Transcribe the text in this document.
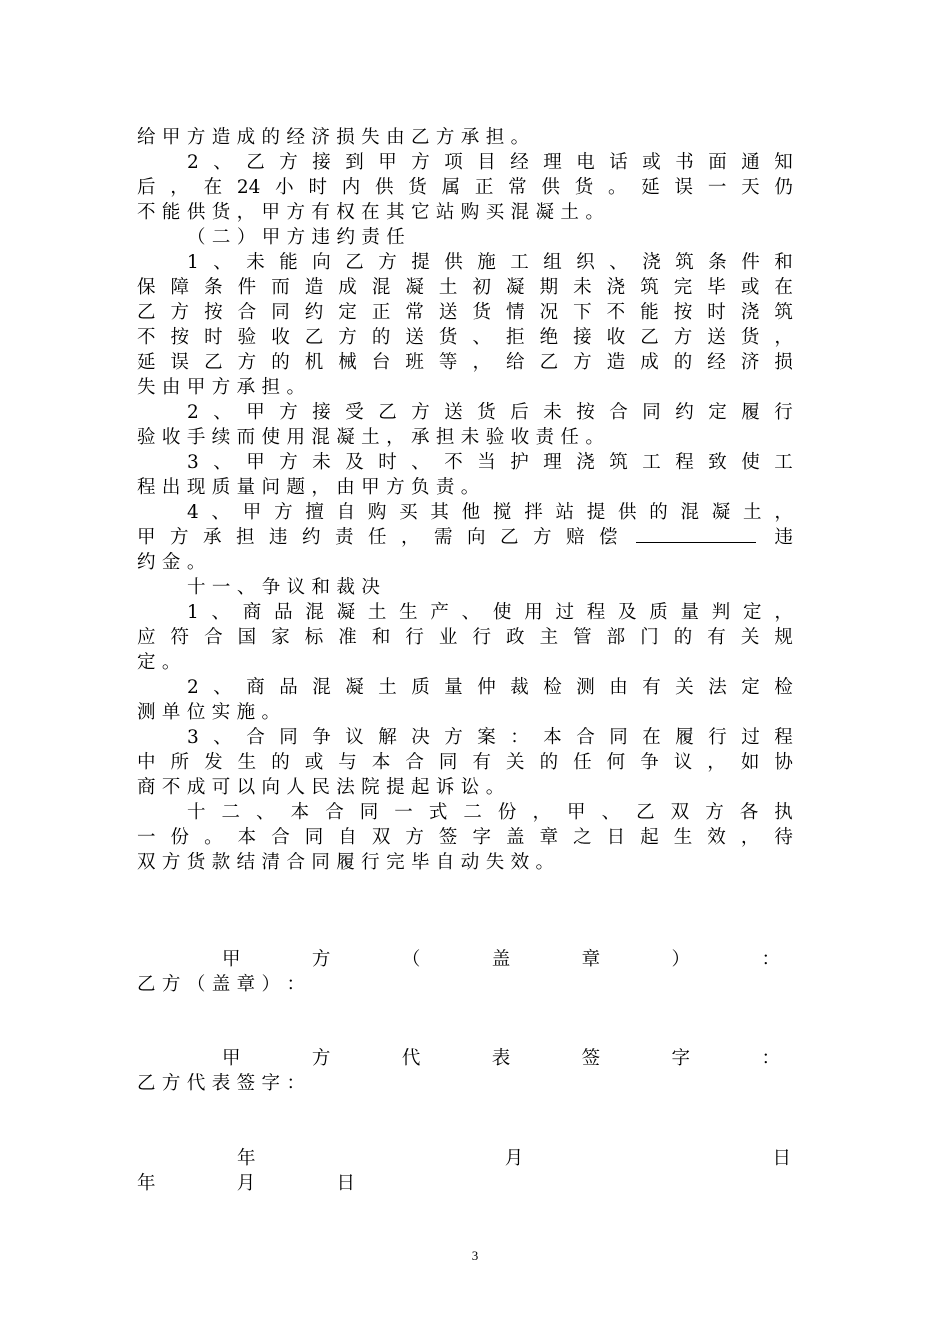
给 甲 方 造 成 的 经 济 损 失 由 乙 方 承 担 。
2 、 乙 方 接 到 甲 方 项 目 经 理 电 话 或 书 面 通 知
后 ， 在 24 小 时 内 供 货 属 正 常 供 货 。 延 误 一 天 仍
不 能 供 货 ， 甲 方 有 权 在 其 它 站 购 买 混 凝 土 。
（ 二 ） 甲 方 违 约 责 任
1 、 未 能 向 乙 方 提 供 施 工 组 织 、 浇 筑 条 件 和
保 障 条 件 而 造 成 混 凝 土 初 凝 期 未 浇 筑 完 毕 或 在
乙 方 按 合 同 约 定 正 常 送 货 情 况 下 不 能 按 时 浇 筑
不 按 时 验 收 乙 方 的 送 货 、 拒 绝 接 收 乙 方 送 货 ，
延 误 乙 方 的 机 械 台 班 等 ， 给 乙 方 造 成 的 经 济 损
失 由 甲 方 承 担 。
2 、 甲 方 接 受 乙 方 送 货 后 未 按 合 同 约 定 履 行
验 收 手 续 而 使 用 混 凝 土 ， 承 担 未 验 收 责 任 。
3 、 甲 方 未 及 时 、 不 当 护 理 浇 筑 工 程 致 使 工
程 出 现 质 量 问 题 ， 由 甲 方 负 责 。
4 、 甲 方 擅 自 购 买 其 他 搅 拌 站 提 供 的 混 凝 土 ，
甲 方 承 担 违 约 责 任 ， 需 向 乙 方 赔 偿	违
约 金 。
十 一 、 争 议 和 裁 决
1 、 商 品 混 凝 土 生 产 、 使 用 过 程 及 质 量 判 定 ，
应 符 合 国 家 标 准 和 行 业 行 政 主 管 部 门 的 有 关 规
定 。
2 、 商 品 混 凝 土 质 量 仲 裁 检 测 由 有 关 法 定 检
测 单 位 实 施 。
3 、 合 同 争 议 解 决 方 案 ： 本 合 同 在 履 行 过 程
中 所 发 生 的 或 与 本 合 同 有 关 的 任 何 争 议 ， 如 协
商 不 成 可 以 向 人 民 法 院 提 起 诉 讼 。
十 二 、 本 合 同 一 式 二 份 ， 甲 、 乙 双 方 各 执
一 份 。 本 合 同 自 双 方 签 字 盖 章 之 日 起 生 效 ， 待
双 方 货 款 结 清 合 同 履 行 完 毕 自 动 失 效 。
甲	方	（	盖	章	）	：
乙 方 （ 盖 章 ） ：
甲	方	代	表	签	字	：
乙 方 代 表 签 字 ：
年	月	日
年	月	日
3
